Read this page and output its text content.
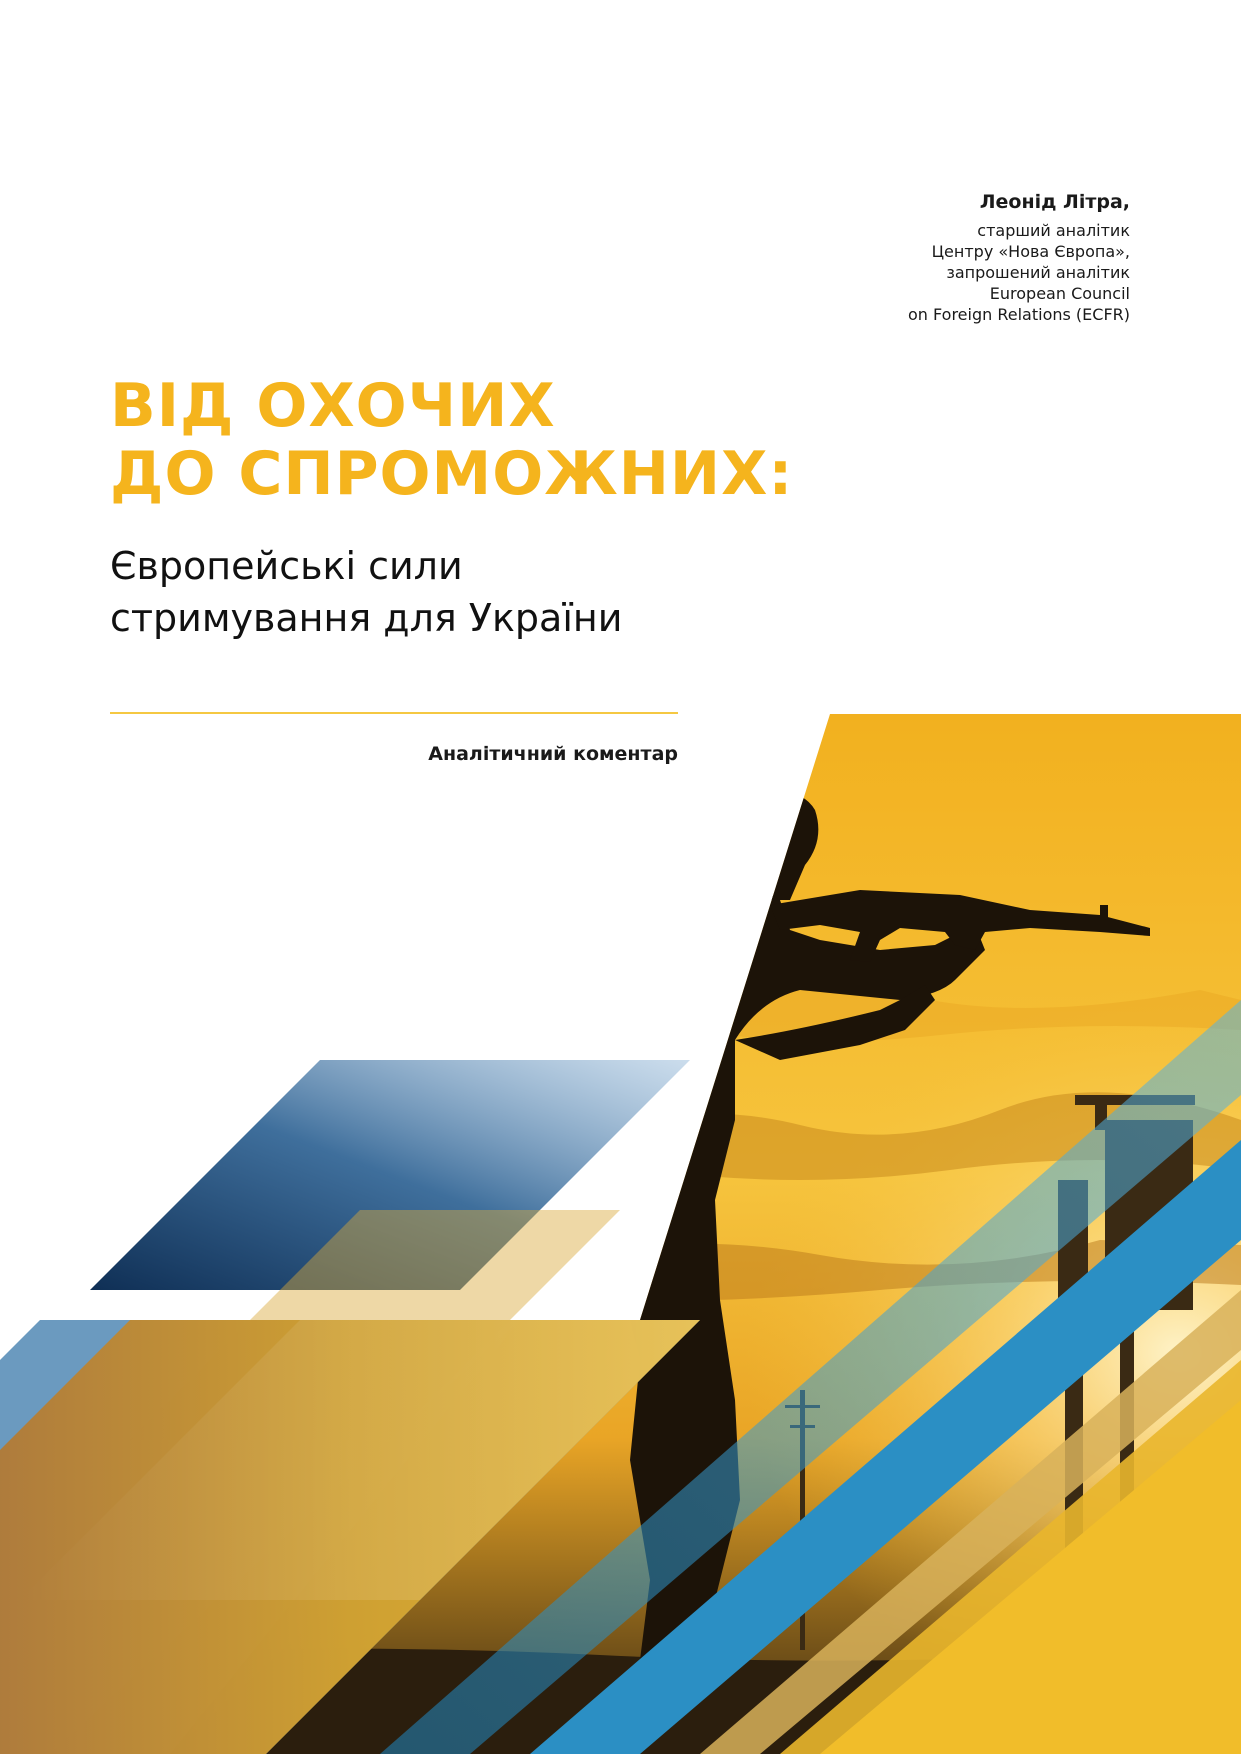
Леонід Літра,
старший аналітик
Центру «Нова Європа»,
запрошений аналітик
European Council
on Foreign Relations (ECFR)
ВІД ОХОЧИХ
ДО СПРОМОЖНИХ:
Європейські сили
стримування для України
Аналітичний коментар
